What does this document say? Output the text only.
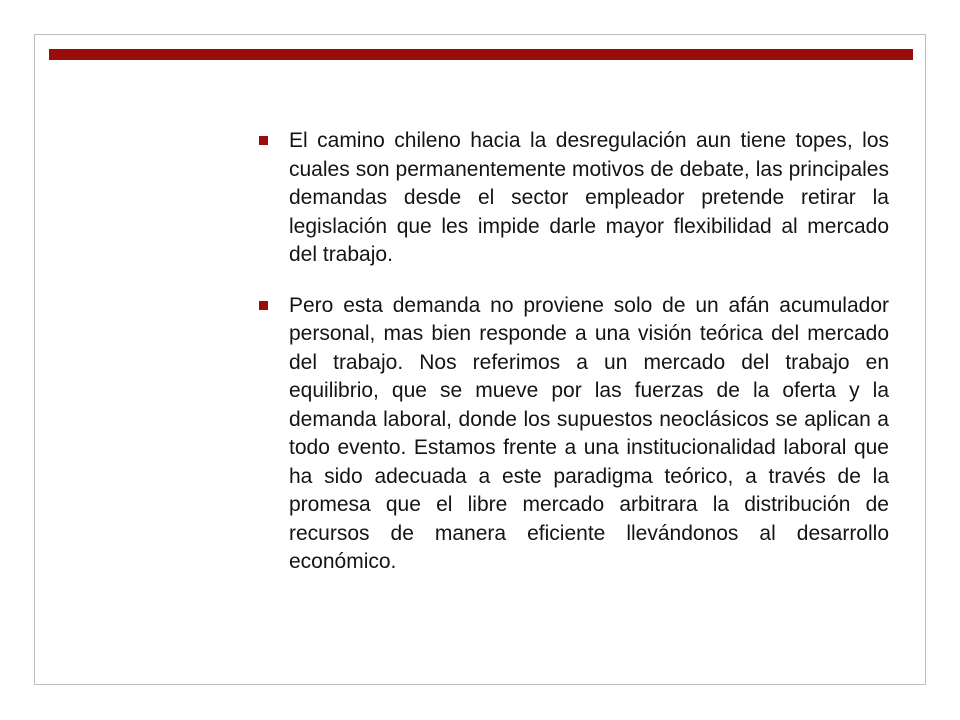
El camino chileno hacia la desregulación aun tiene topes, los cuales son permanentemente motivos de debate, las principales demandas desde el sector empleador pretende retirar la legislación que les impide darle mayor flexibilidad al mercado del trabajo.

Pero esta demanda no proviene solo de un afán acumulador personal, mas bien responde a una visión teórica del mercado del trabajo. Nos referimos a un mercado del trabajo en equilibrio, que se mueve por las fuerzas de la oferta y la demanda laboral, donde los supuestos neoclásicos se aplican a todo evento. Estamos frente a una institucionalidad laboral que ha sido adecuada a este paradigma teórico, a través de la promesa que el libre mercado arbitrara la distribución de recursos de manera eficiente llevándonos al desarrollo económico.
